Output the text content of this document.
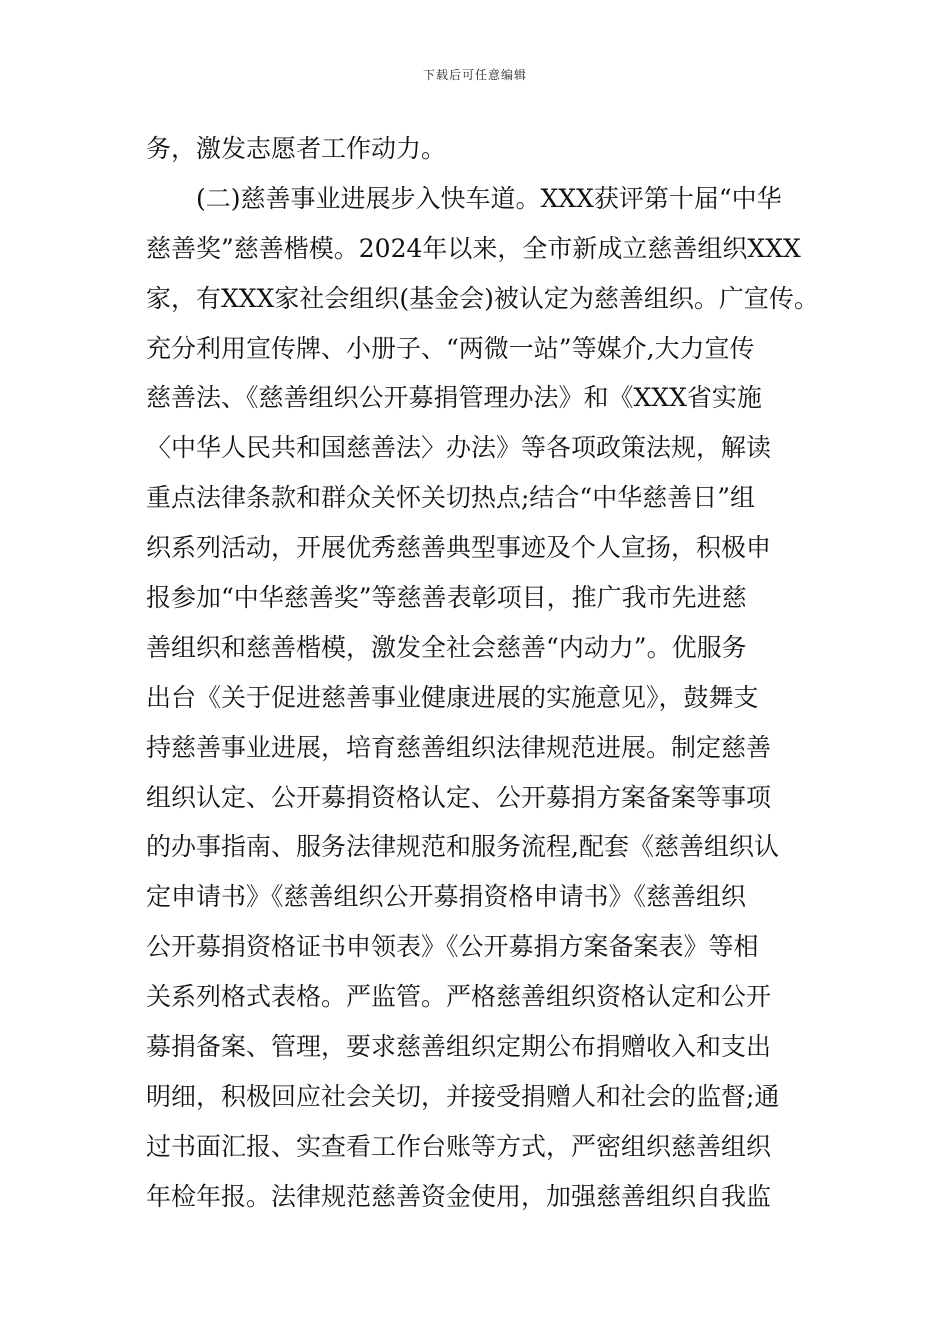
下载后可任意编辑
务，激发志愿者工作动力。
　　(二)慈善事业进展步入快车道。XXX获评第十届“中华
慈善奖”慈善楷模。2024年以来，全市新成立慈善组织XXX
家，有XXX家社会组织(基金会)被认定为慈善组织。广宣传。
充分利用宣传牌、小册子、“两微一站”等媒介,大力宣传
慈善法、《慈善组织公开募捐管理办法》和《XXX省实施
〈中华人民共和国慈善法〉办法》等各项政策法规，解读
重点法律条款和群众关怀关切热点;结合“中华慈善日”组
织系列活动，开展优秀慈善典型事迹及个人宣扬，积极申
报参加“中华慈善奖”等慈善表彰项目，推广我市先进慈
善组织和慈善楷模，激发全社会慈善“内动力”。优服务
出台《关于促进慈善事业健康进展的实施意见》，鼓舞支
持慈善事业进展，培育慈善组织法律规范进展。制定慈善
组织认定、公开募捐资格认定、公开募捐方案备案等事项
的办事指南、服务法律规范和服务流程,配套《慈善组织认
定申请书》《慈善组织公开募捐资格申请书》《慈善组织
公开募捐资格证书申领表》《公开募捐方案备案表》等相
关系列格式表格。严监管。严格慈善组织资格认定和公开
募捐备案、管理，要求慈善组织定期公布捐赠收入和支出
明细，积极回应社会关切，并接受捐赠人和社会的监督;通
过书面汇报、实查看工作台账等方式，严密组织慈善组织
年检年报。法律规范慈善资金使用，加强慈善组织自我监
